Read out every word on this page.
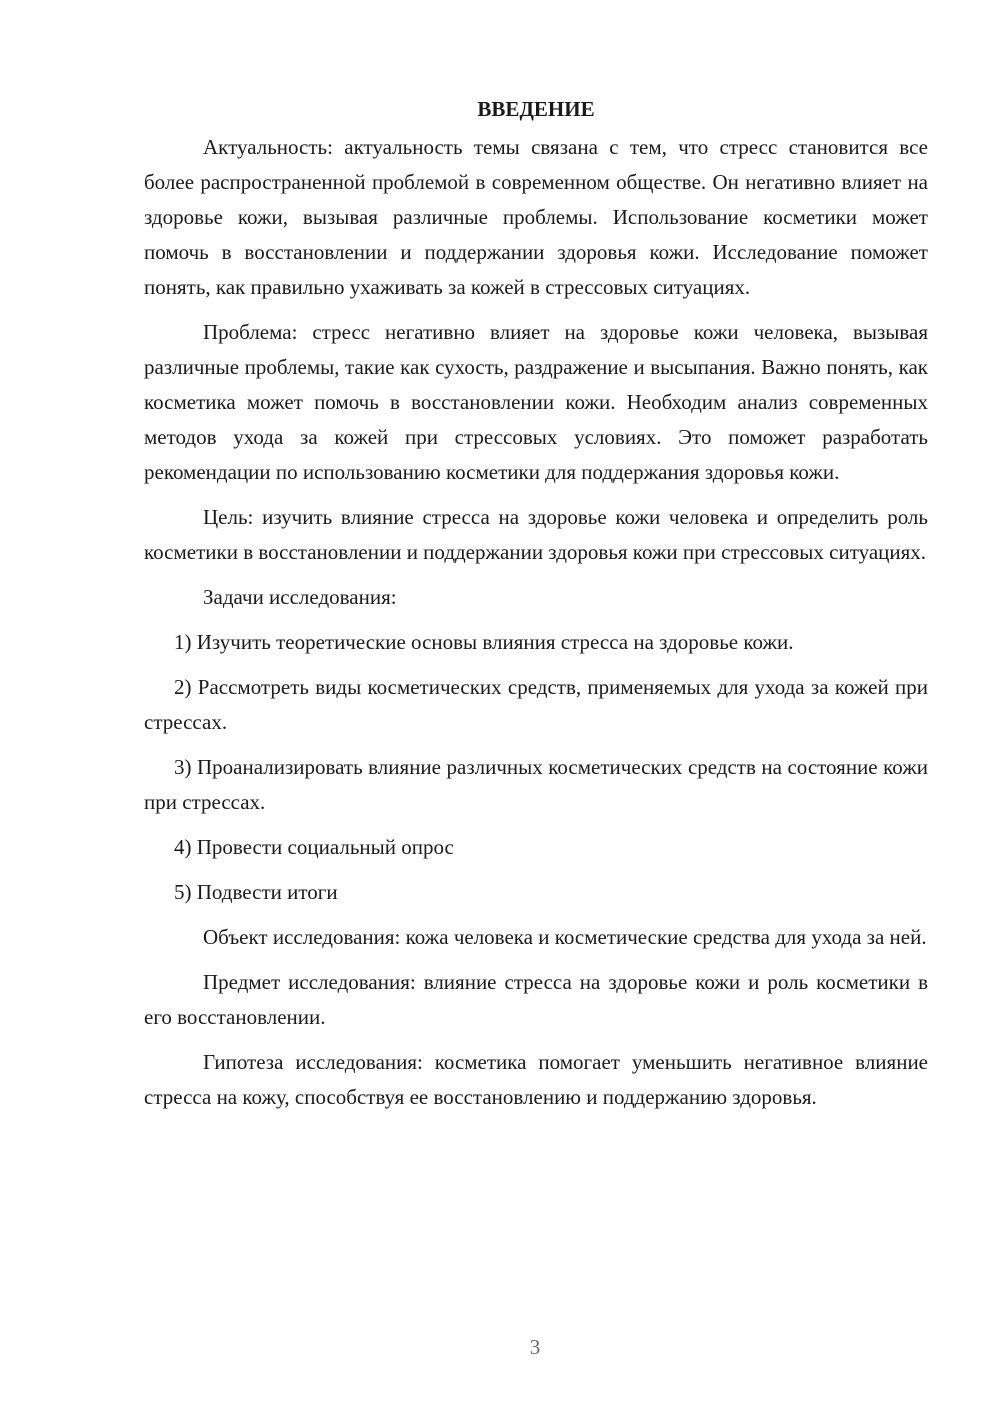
ВВЕДЕНИЕ

Актуальность: актуальность темы связана с тем, что стресс становится все более распространенной проблемой в современном обществе. Он негативно влияет на здоровье кожи, вызывая различные проблемы. Использование косметики может помочь в восстановлении и поддержании здоровья кожи. Исследование поможет понять, как правильно ухаживать за кожей в стрессовых ситуациях.

Проблема: стресс негативно влияет на здоровье кожи человека, вызывая различные проблемы, такие как сухость, раздражение и высыпания. Важно понять, как косметика может помочь в восстановлении кожи. Необходим анализ современных методов ухода за кожей при стрессовых условиях. Это поможет разработать рекомендации по использованию косметики для поддержания здоровья кожи.

Цель: изучить влияние стресса на здоровье кожи человека и определить роль косметики в восстановлении и поддержании здоровья кожи при стрессовых ситуациях.

Задачи исследования:

1) Изучить теоретические основы влияния стресса на здоровье кожи.

2) Рассмотреть виды косметических средств, применяемых для ухода за кожей при стрессах.

3) Проанализировать влияние различных косметических средств на состояние кожи при стрессах.

4) Провести социальный опрос

5) Подвести итоги

Объект исследования: кожа человека и косметические средства для ухода за ней.

Предмет исследования: влияние стресса на здоровье кожи и роль косметики в его восстановлении.

Гипотеза исследования: косметика помогает уменьшить негативное влияние стресса на кожу, способствуя ее восстановлению и поддержанию здоровья.

3
